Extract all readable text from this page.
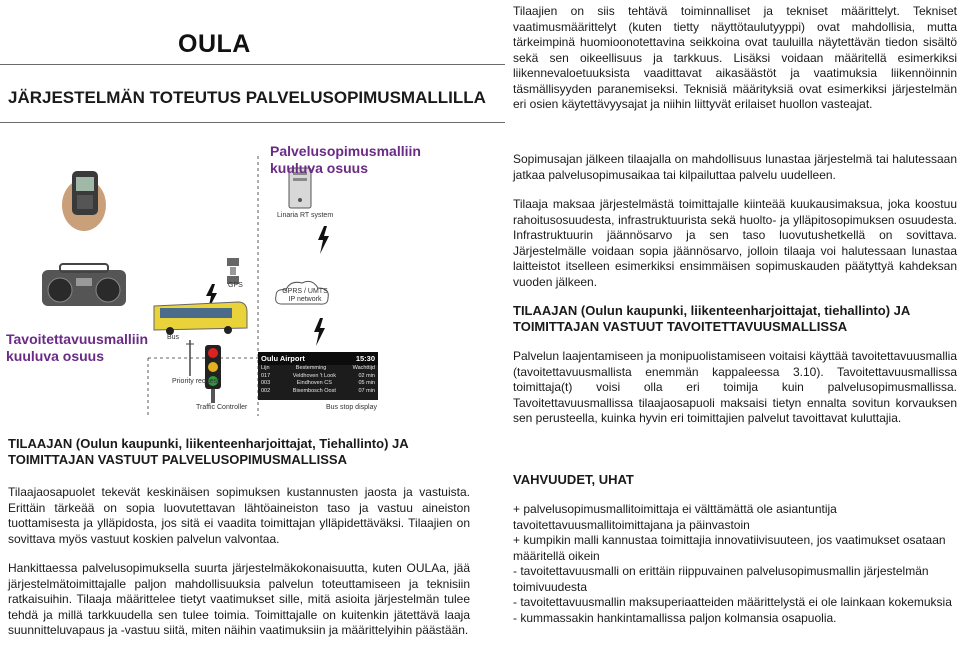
OULA
JÄRJESTELMÄN TOTEUTUS PALVELUSOPIMUSMALLILLA
Linaria RT system
GPS
GPRS / UMTS IP network
Bus
Priority request
Traffic Controller
Oulu Airport	15:30
Lijn	Bestemming	Wachttijd
017	Veldhoven 't Look	02 min
003	Eindhoven CS	05 min
002	Bixembosch Oost	07 min
Bus stop display
Palvelusopimusmalliin kuuluva osuus
Tavoitettavuusmalliin kuuluva osuus
TILAAJAN (Oulun kaupunki, liikenteenharjoittajat, Tiehallinto) JA TOIMITTAJAN VASTUUT PALVELUSOPIMUSMALLISSA
Tilaajaosapuolet tekevät keskinäisen sopimuksen kustannusten jaosta ja vastuista. Erittäin tärkeää on sopia luovutettavan lähtöaineiston taso ja vastuu aineiston tuottamisesta ja ylläpidosta, jos sitä ei vaadita toimittajan ylläpidettäväksi. Tilaajien on sovittava myös vastuut koskien palvelun valvontaa.
Hankittaessa palvelusopimuksella suurta järjestelmäkokonaisuutta, kuten OULAa, jää järjestelmätoimittajalle paljon mahdollisuuksia palvelun toteuttamiseen ja teknisiin ratkaisuihin. Tilaaja määrittelee tietyt vaatimukset sille, mitä asioita järjestelmän tulee tehdä ja millä tarkkuudella sen tulee toimia. Toimittajalle on kuitenkin jätettävä laaja suunnitteluvapaus ja -vastuu siitä, miten näihin vaatimuksiin ja määrittelyihin päästään.
Tilaajien on siis tehtävä toiminnalliset ja tekniset määrittelyt. Tekniset vaatimusmäärittelyt (kuten tietty näyttötaulutyyppi) ovat mahdollisia, mutta tärkeimpinä huomioonotettavina seikkoina ovat tauluilla näytettävän tiedon sisältö sekä sen oikeellisuus ja tarkkuus. Lisäksi voidaan määritellä esimerkiksi liikennevaloetuuksista vaadittavat aikasäästöt ja vaatimuksia liikennöinnin täsmällisyyden paranemiseksi. Teknisiä määrityksiä ovat esimerkiksi järjestelmän eri osien käytettävyysajat ja niihin liittyvät erilaiset huollon vasteajat.
Sopimusajan jälkeen tilaajalla on mahdollisuus lunastaa järjestelmä tai halutessaan jatkaa palvelusopimusaikaa tai kilpailuttaa palvelu uudelleen.
Tilaaja maksaa järjestelmästä toimittajalle kiinteää kuukausimaksua, joka koostuu rahoitusosuudesta, infrastruktuurista sekä huolto- ja ylläpitosopimuksen osuudesta. Infrastruktuurin jäännösarvo ja sen taso luovutushetkellä on sovittava. Järjestelmälle voidaan sopia jäännösarvo, jolloin tilaaja voi halutessaan lunastaa laitteistot itselleen esimerkiksi ensimmäisen sopimuskauden päätyttyä kahdeksan vuoden jälkeen.
TILAAJAN (Oulun kaupunki, liikenteenharjoittajat, tiehallinto) JA TOIMITTAJAN VASTUUT TAVOITETTAVUUSMALLISSA
Palvelun laajentamiseen ja monipuolistamiseen voitaisi käyttää tavoitettavuusmallia (tavoitettavuusmallista enemmän kappaleessa 3.10). Tavoitettavuusmallissa toimittaja(t) voisi olla eri toimija kuin palvelusopimusmallissa. Tavoitettavuusmallissa tilaajaosapuoli maksaisi tietyn ennalta sovitun korvauksen sen perusteella, kuinka hyvin eri toimittajien palvelut tavoittavat kuluttajia.
VAHVUUDET, UHAT
+ palvelusopimusmallitoimittaja ei välttämättä ole asiantuntija tavoitettavuusmallitoimittajana ja päinvastoin
+ kumpikin malli kannustaa toimittajia innovatiivisuuteen, jos vaatimukset osataan määritellä oikein
- tavoitettavuusmalli on erittäin riippuvainen palvelusopimusmallin järjestelmän toimivuudesta
- tavoitettavuusmallin maksuperiaatteiden määrittelystä ei ole lainkaan kokemuksia
- kummassakin hankintamallissa paljon kolmansia osapuolia.
